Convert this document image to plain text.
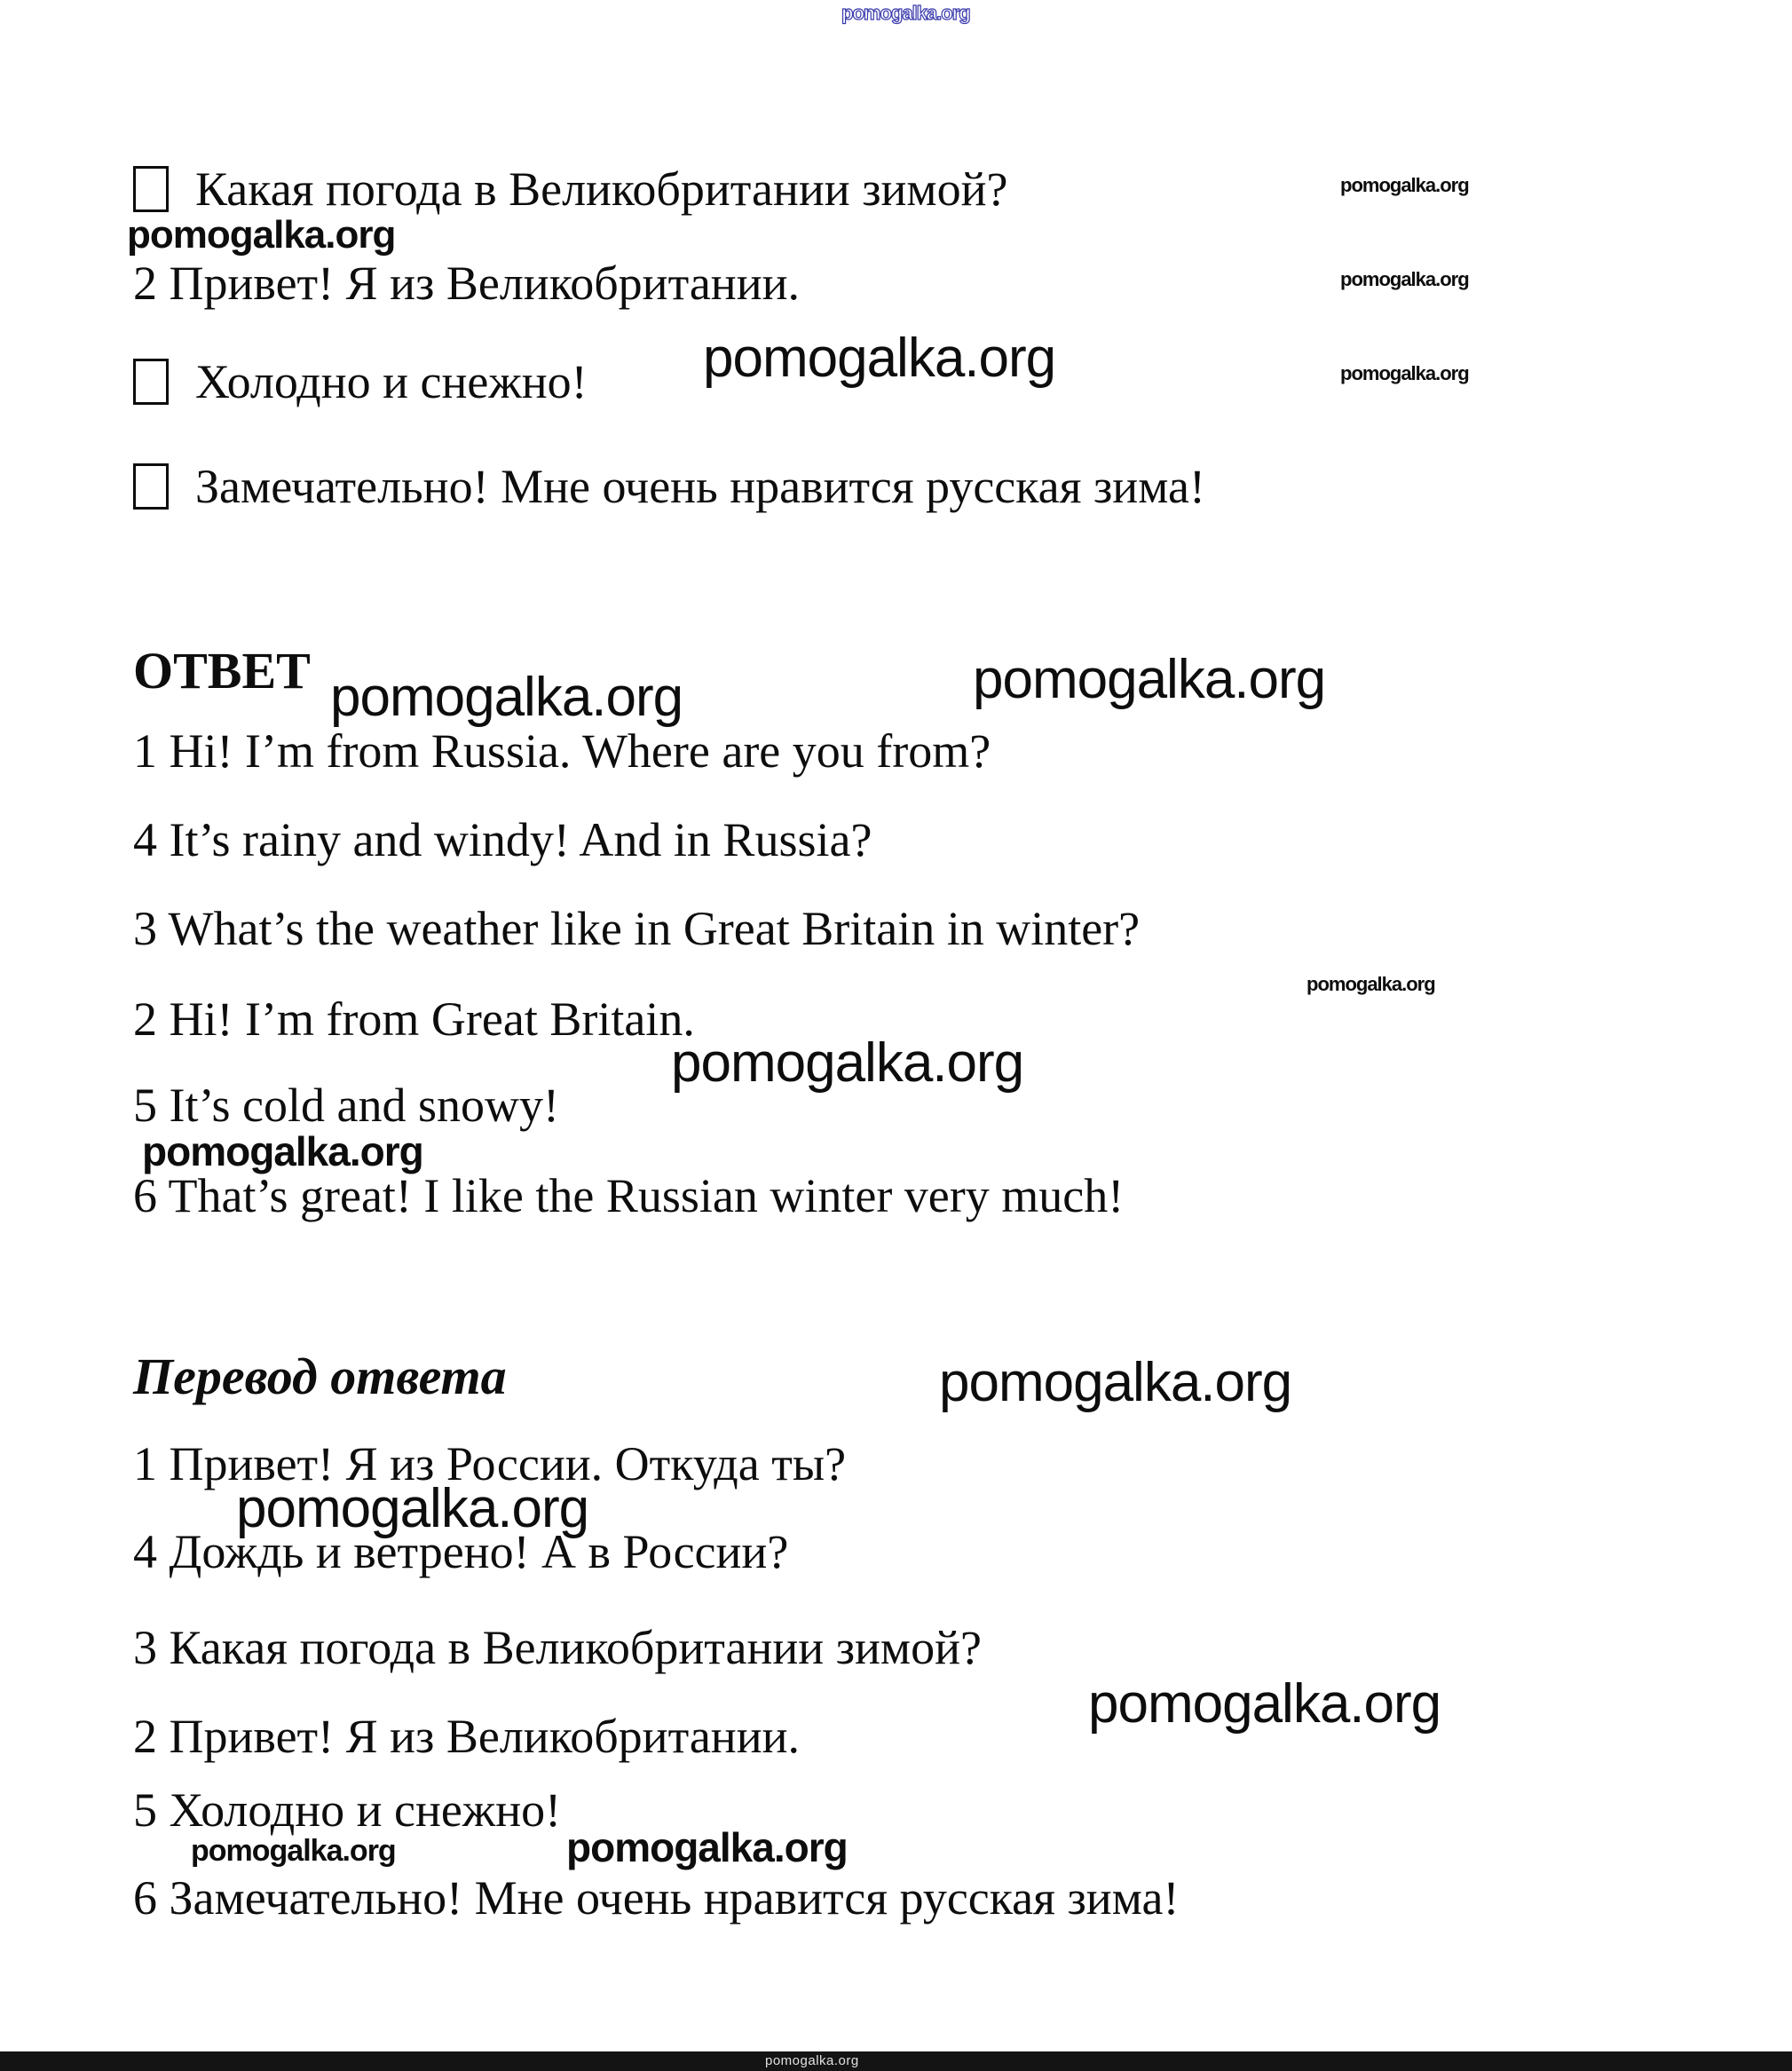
pomogalka.org
Какая погода в Великобритании зимой?	pomogalka.org
pomogalka.org
2 Привет! Я из Великобритании.	pomogalka.org
Холодно и снежно! pomogalka.org	pomogalka.org
Замечательно! Мне очень нравится русская зима!
ОТВЕТ pomogalka.org	pomogalka.org
1 Hi! I’m from Russia. Where are you from?
4 It’s rainy and windy! And in Russia?
3 What’s the weather like in Great Britain in winter?
pomogalka.org
2 Hi! I’m from Great Britain.
pomogalka.org
5 It’s cold and snowy!
pomogalka.org
6 That’s great! I like the Russian winter very much!
Перевод ответа	pomogalka.org
1 Привет! Я из России. Откуда ты?
pomogalka.org
4 Дождь и ветрено! А в России?
3 Какая погода в Великобритании зимой?
pomogalka.org
2 Привет! Я из Великобритании.
5 Холодно и снежно!
pomogalka.org	pomogalka.org
6 Замечательно! Мне очень нравится русская зима!
pomogalka.org
